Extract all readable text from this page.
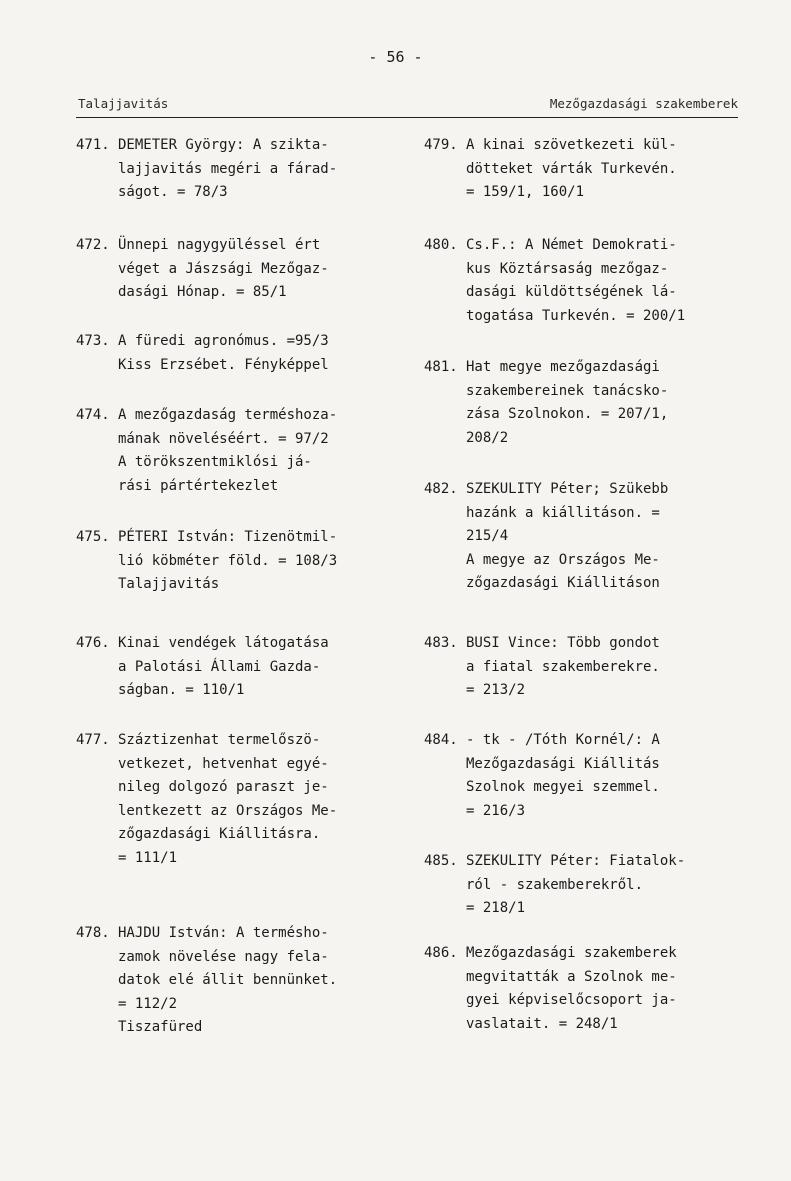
- 56 -
Talajjavitás	Mezőgazdasági szakemberek
471. DEMETER György: A szikta-
lajjavitás megéri a fárad-
ságot. = 78/3
472. Ünnepi nagygyüléssel ért
véget a Jászsági Mezőgaz-
dasági Hónap. = 85/1
473. A füredi agronómus. =95/3
Kiss Erzsébet. Fényképpel
474. A mezőgazdaság terméshoza-
mának növeléséért. = 97/2
A törökszentmiklósi já-
rási pártértekezlet
475. PÉTERI István: Tizenötmil-
lió köbméter föld. = 108/3
Talajjavitás
476. Kinai vendégek látogatása
a Palotási Állami Gazda-
ságban. = 110/1
477. Száztizenhat termelőszö-
vetkezet, hetvenhat egyé-
nileg dolgozó paraszt je-
lentkezett az Országos Me-
zőgazdasági Kiállitásra.
= 111/1
478. HAJDU István: A terméshο-
zamok növelése nagy fela-
datok elé állit bennünket.
= 112/2
Tiszafüred
479. A kinai szövetkezeti kül-
dötteket várták Turkevén.
= 159/1, 160/1
480. Cs.F.: A Német Demokrati-
kus Köztársaság mezőgaz-
dasági küldöttségének lá-
togatása Turkevén. = 200/1
481. Hat megye mezőgazdasági
szakembereinek tanácsko-
zása Szolnokon. = 207/1,
208/2
482. SZEKULITY Péter; Szükebb
hazánk a kiállitáson. =
215/4
A megye az Országos Me-
zőgazdasági Kiállitáson
483. BUSI Vince: Több gondot
a fiatal szakemberekre.
= 213/2
484. - tk - /Tóth Kornél/: A
Mezőgazdasági Kiállitás
Szolnok megyei szemmel.
= 216/3
485. SZEKULITY Péter: Fiatalok-
ról - szakemberekről.
= 218/1
486. Mezőgazdasági szakemberek
megvitatták a Szolnok me-
gyei képviselőcsoport ja-
vaslatait. = 248/1
